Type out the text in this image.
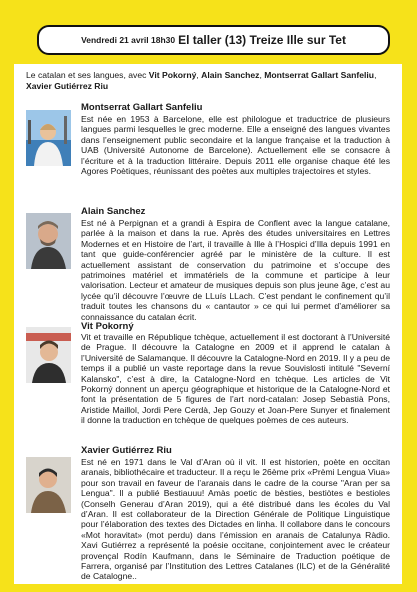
Vendredi 21 avril 18h30 El taller (13) Treize Ille sur Tet

Le catalan et ses langues, avec Vit Pokorný, Alain Sanchez, Montserrat Gallart Sanfeliu, Xavier Gutiérrez Riu

Montserrat Gallart Sanfeliu
Est née en 1953 à Barcelone, elle est philologue et traductrice de plusieurs langues parmi lesquelles le grec moderne. Elle a enseigné des langues vivantes dans l’enseignement public secondaire et la langue française et la traduction à UAB (Université Autonome de Barcelone). Actuellement elle se consacre à l’écriture et à la traduction littéraire. Depuis 2011 elle organise chaque été les Agores Poètiques, réunissant des poètes aux multiples trajectoires et styles.
Alain Sanchez
Est né à Perpignan et a grandi à Espira de Conflent avec la langue catalane, parlée à la maison et dans la rue. Après des études universitaires en Lettres Modernes et en Histoire de l’art, il travaille à Ille à l’Hospici d’Illa depuis 1991 en tant que guide-conférencier agréé par le ministère de la culture. Il est actuellement assistant de conservation du patrimoine et s’occupe des patrimoines matériel et immatériels de la commune et participe à leur valorisation. Lecteur et amateur de musiques depuis son plus jeune âge, c’est au lycée qu’il découvre l’œuvre de LLuís LLach. C’est pendant le confinement qu’il traduit toutes les chansons du « cantautor » ce qui lui permet d’améliorer sa connaissance du catalan écrit.
Vit Pokorný
Vit et travaille en République tchèque, actuellement il est doctorant à l’Université de Prague. Il découvre la Catalogne en 2009 et il apprend le catalan à l’Université de Salamanque. Il découvre la Catalogne-Nord en 2019. Il y a peu de temps il a publié un vaste reportage dans la revue Souvislosti intitulé "Severní Kalansko", c’est à dire, la Catalogne-Nord en tchèque. Les articles de Vit Pokorný donnent un aperçu géographique et historique de la Catalogne-Nord et font la présentation de 5 figures de l’art nord-catalan: Josep Sebastià Pons, Aristide Maillol, Jordi Pere Cerdà, Jep Gouzy et Joan-Pere Sunyer et finalement il donne la traduction en tchèque de quelques poèmes de ces auteurs.
Xavier Gutiérrez Riu
Est né en 1971 dans le Val d’Aran où il vit. Il est historien, poète en occitan aranais, bibliothécaire et traducteur. Il a reçu le 26ème prix «Prèmi Lengua Viua» pour son travail en faveur de l’aranais dans le cadre de la course "Aran per sa Lengua". Il a publié Bestiauuu! Amàs poetic de bèsties, bestiòtes e bestioles (Conselh Generau d’Aran 2019), qui a été distribué dans les écoles du Val d’Aran. Il est collaborateur de la Direction Générale de Politique Linguistique pour l’élaboration des textes des Dictades en linha. Il collabore dans le concours «Mot horavitat» (mot perdu) dans l’émission en aranais de Catalunya Ràdio. Xavi Gutiérrez a représenté la poésie occitane, conjointement avec le créateur provençal Rodín Kaufmann, dans le Séminaire de Traduction poétique de Farrera, organisé par l’Institution des Lettres Catalanes (ILC) et de la Généralité de Catalogne..
